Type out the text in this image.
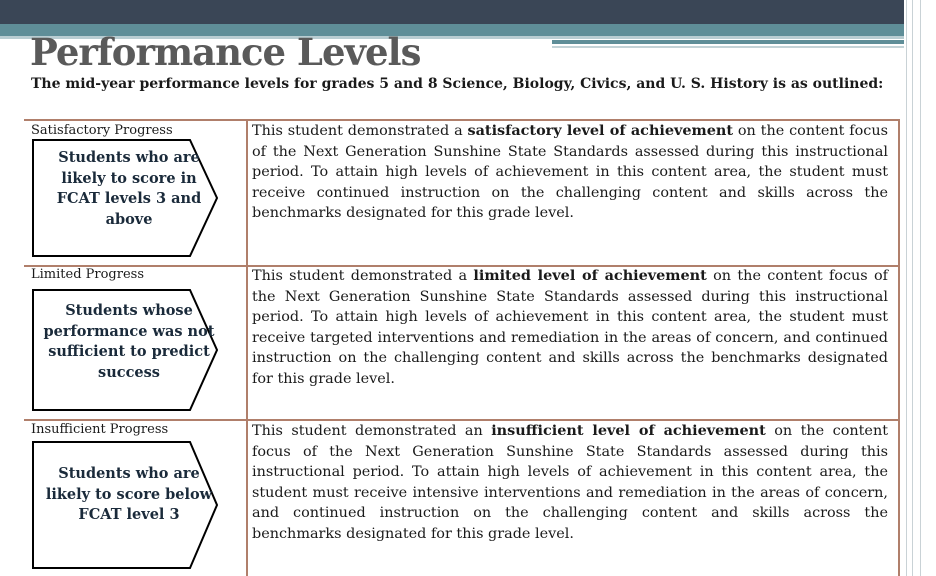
Performance Levels

The mid-year performance levels for grades 5 and 8 Science, Biology, Civics, and U. S. History is as outlined:

Satisfactory Progress
Students who are likely to score in FCAT levels 3 and above
This student demonstrated a satisfactory level of achievement on the content focus of the Next Generation Sunshine State Standards assessed during this instructional period. To attain high levels of achievement in this content area, the student must receive continued instruction on the challenging content and skills across the benchmarks designated for this grade level.
Limited Progress
Students whose performance was not sufficient to predict success
This student demonstrated a limited level of achievement on the content focus of the Next Generation Sunshine State Standards assessed during this instructional period. To attain high levels of achievement in this content area, the student must receive targeted interventions and remediation in the areas of concern, and continued instruction on the challenging content and skills across the benchmarks designated for this grade level.
Insufficient Progress
Students who are likely to score below FCAT level 3
This student demonstrated an insufficient level of achievement on the content focus of the Next Generation Sunshine State Standards assessed during this instructional period. To attain high levels of achievement in this content area, the student must receive intensive interventions and remediation in the areas of concern, and continued instruction on the challenging content and skills across the benchmarks designated for this grade level.
